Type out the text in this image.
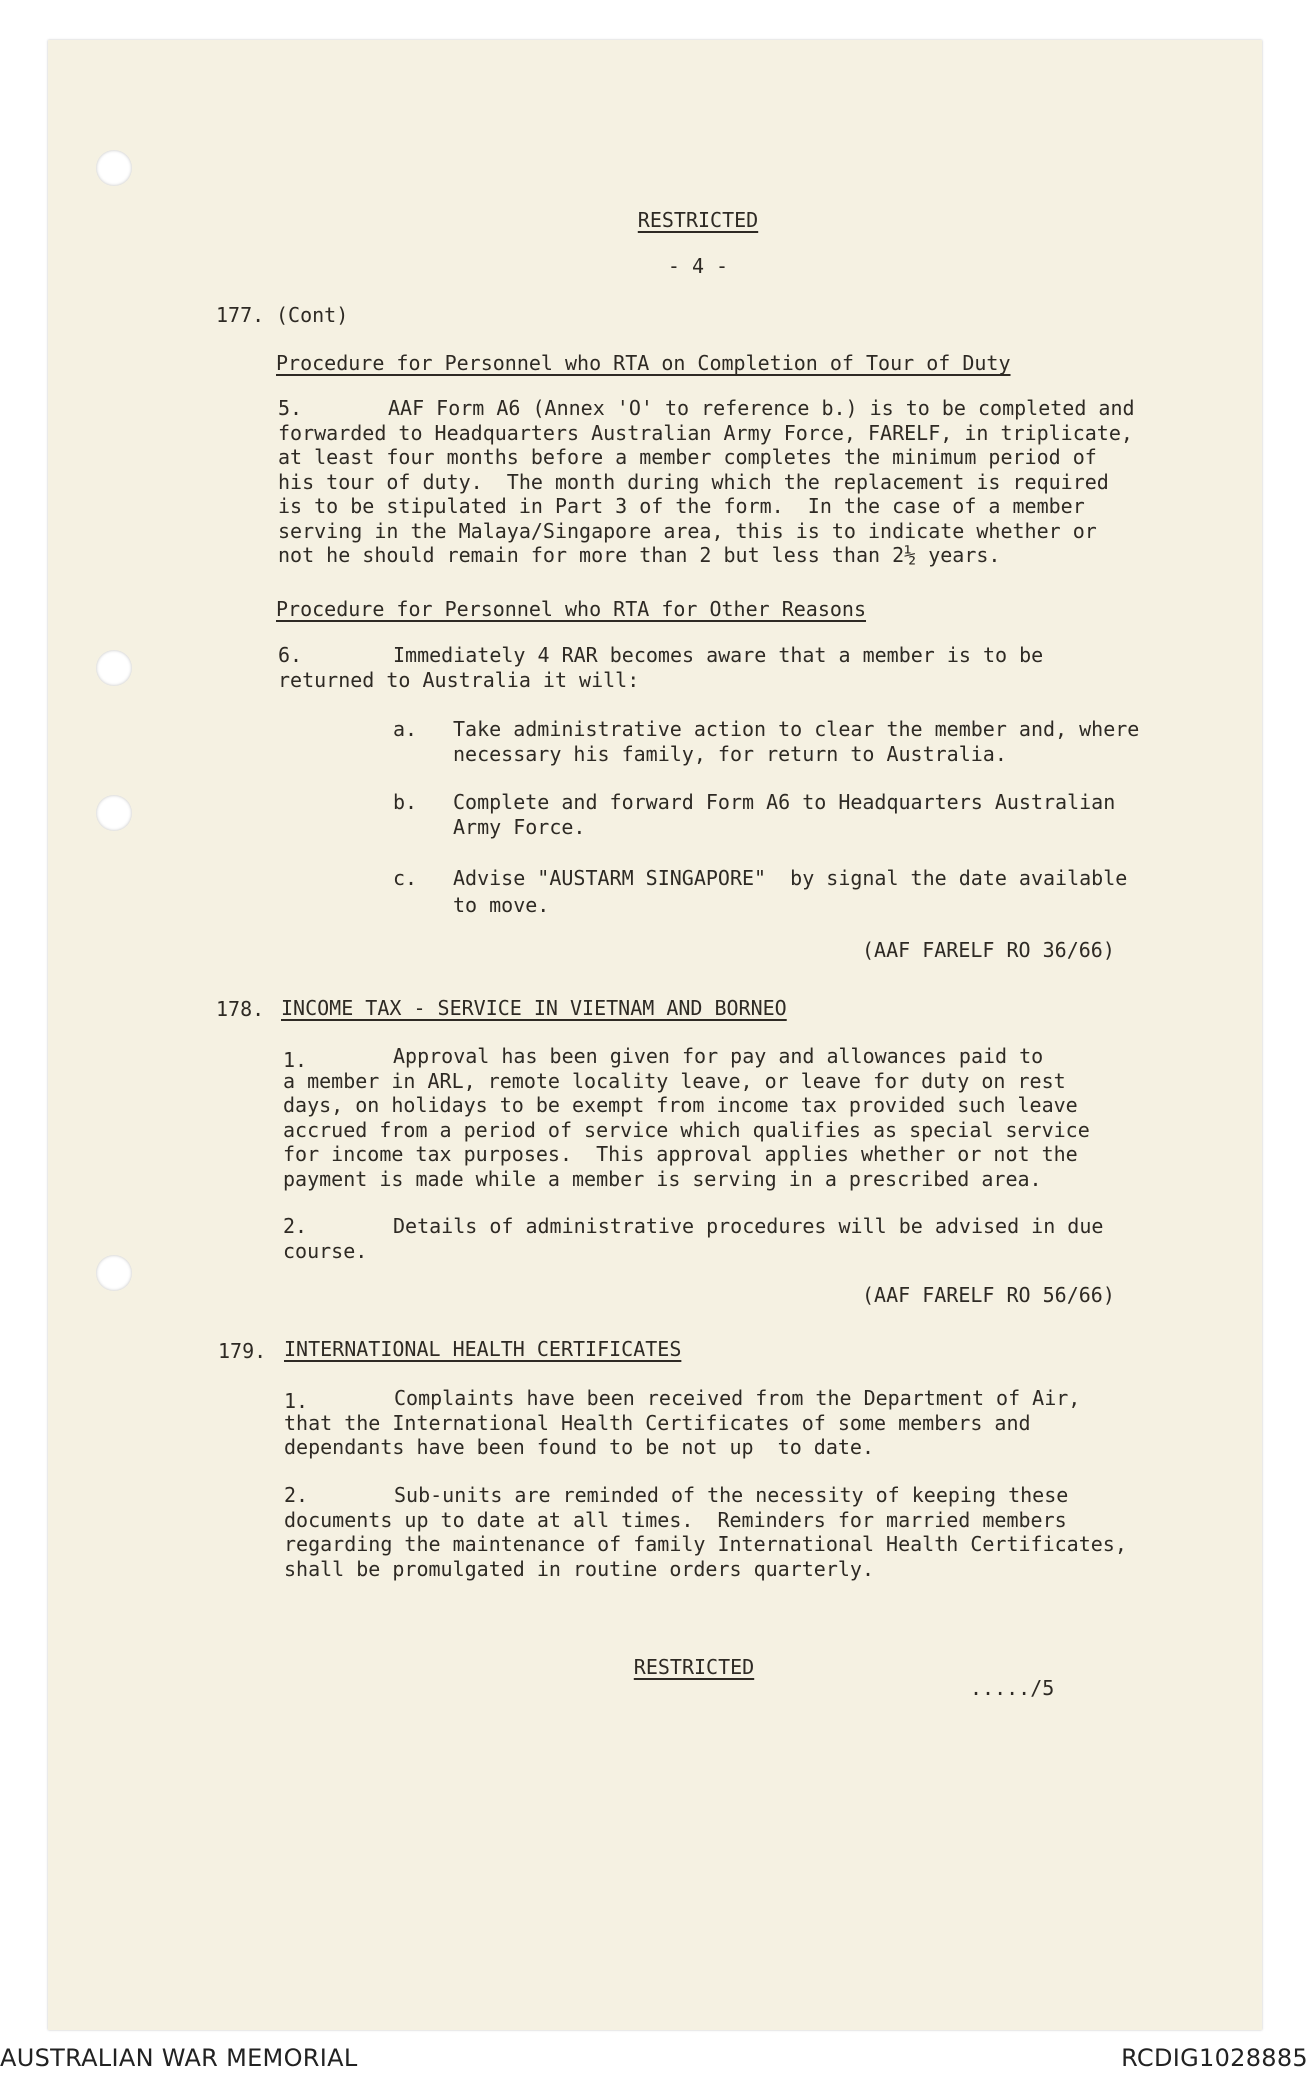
RESTRICTED

- 4 -

177. (Cont)

Procedure for Personnel who RTA on Completion of Tour of Duty

5.	AAF Form A6 (Annex 'O' to reference b.) is to be completed and

forwarded to Headquarters Australian Army Force, FARELF, in triplicate,

at least four months before a member completes the minimum period of

his tour of duty.  The month during which the replacement is required

is to be stipulated in Part 3 of the form.  In the case of a member

serving in the Malaya/Singapore area, this is to indicate whether or

not he should remain for more than 2 but less than 2½ years.

Procedure for Personnel who RTA for Other Reasons

6.	Immediately 4 RAR becomes aware that a member is to be

returned to Australia it will:

a. Take administrative action to clear the member and, where

necessary his family, for return to Australia.

b. Complete and forward Form A6 to Headquarters Australian

Army Force.

c. Advise "AUSTARM SINGAPORE"  by signal the date available

to move.

(AAF FARELF RO 36/66)

178. INCOME TAX - SERVICE IN VIETNAM AND BORNEO

1.	Approval has been given for pay and allowances paid to

a member in ARL, remote locality leave, or leave for duty on rest

days, on holidays to be exempt from income tax provided such leave

accrued from a period of service which qualifies as special service

for income tax purposes.  This approval applies whether or not the

payment is made while a member is serving in a prescribed area.

2.	Details of administrative procedures will be advised in due

course.

(AAF FARELF RO 56/66)

179. INTERNATIONAL HEALTH CERTIFICATES

1.	Complaints have been received from the Department of Air,

that the International Health Certificates of some members and

dependants have been found to be not up  to date.

2.	Sub-units are reminded of the necessity of keeping these

documents up to date at all times.  Reminders for married members

regarding the maintenance of family International Health Certificates,

shall be promulgated in routine orders quarterly.

RESTRICTED

...../5

AUSTRALIAN WAR MEMORIAL	RCDIG1028885
